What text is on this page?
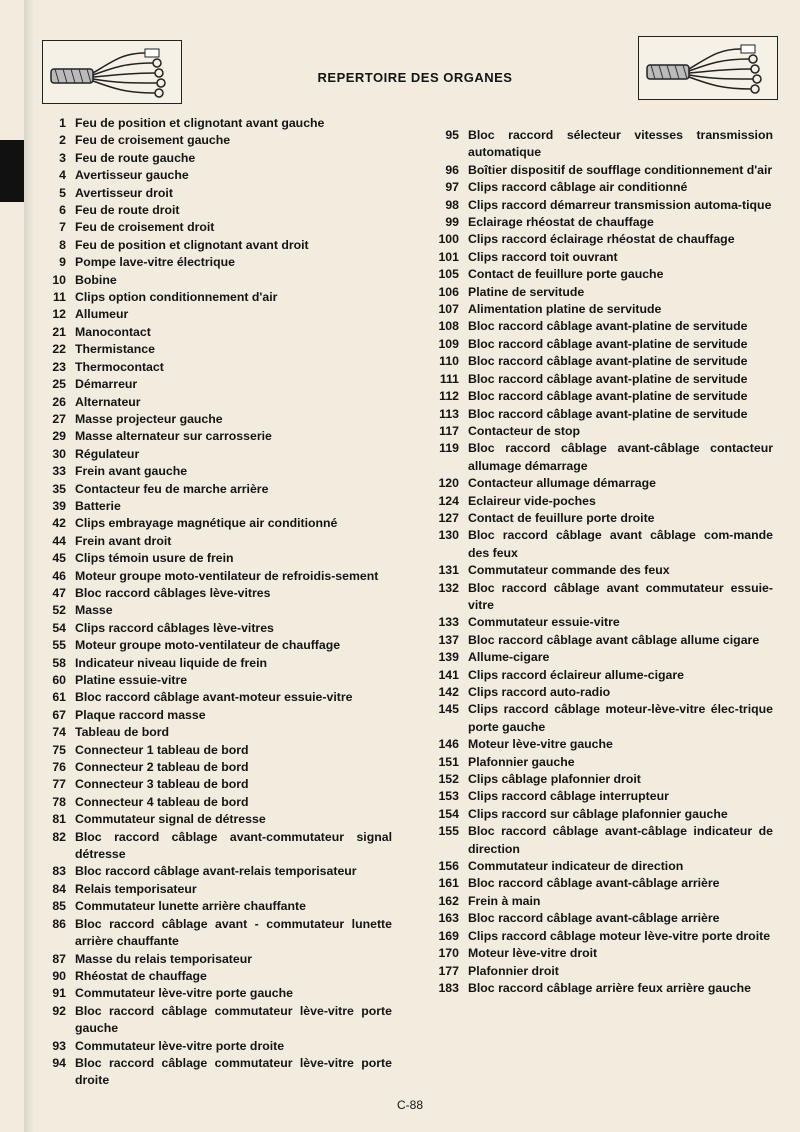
REPERTOIRE DES ORGANES
1 Feu de position et clignotant avant gauche
2 Feu de croisement gauche
3 Feu de route gauche
4 Avertisseur gauche
5 Avertisseur droit
6 Feu de route droit
7 Feu de croisement droit
8 Feu de position et clignotant avant droit
9 Pompe lave-vitre électrique
10 Bobine
11 Clips option conditionnement d'air
12 Allumeur
21 Manocontact
22 Thermistance
23 Thermocontact
25 Démarreur
26 Alternateur
27 Masse projecteur gauche
29 Masse alternateur sur carrosserie
30 Régulateur
33 Frein avant gauche
35 Contacteur feu de marche arrière
39 Batterie
42 Clips embrayage magnétique air conditionné
44 Frein avant droit
45 Clips témoin usure de frein
46 Moteur groupe moto-ventilateur de refroidis-sement
47 Bloc raccord câblages lève-vitres
52 Masse
54 Clips raccord câblages lève-vitres
55 Moteur groupe moto-ventilateur de chauffage
58 Indicateur niveau liquide de frein
60 Platine essuie-vitre
61 Bloc raccord câblage avant-moteur essuie-vitre
67 Plaque raccord masse
74 Tableau de bord
75 Connecteur 1 tableau de bord
76 Connecteur 2 tableau de bord
77 Connecteur 3 tableau de bord
78 Connecteur 4 tableau de bord
81 Commutateur signal de détresse
82 Bloc raccord câblage avant-commutateur signal détresse
83 Bloc raccord câblage avant-relais temporisateur
84 Relais temporisateur
85 Commutateur lunette arrière chauffante
86 Bloc raccord câblage avant - commutateur lunette arrière chauffante
87 Masse du relais temporisateur
90 Rhéostat de chauffage
91 Commutateur lève-vitre porte gauche
92 Bloc raccord câblage commutateur lève-vitre porte gauche
93 Commutateur lève-vitre porte droite
94 Bloc raccord câblage commutateur lève-vitre porte droite
95 Bloc raccord sélecteur vitesses transmission automatique
96 Boîtier dispositif de soufflage conditionnement d'air
97 Clips raccord câblage air conditionné
98 Clips raccord démarreur transmission automa-tique
99 Eclairage rhéostat de chauffage
100 Clips raccord éclairage rhéostat de chauffage
101 Clips raccord toit ouvrant
105 Contact de feuillure porte gauche
106 Platine de servitude
107 Alimentation platine de servitude
108 Bloc raccord câblage avant-platine de servitude
109 Bloc raccord câblage avant-platine de servitude
110 Bloc raccord câblage avant-platine de servitude
111 Bloc raccord câblage avant-platine de servitude
112 Bloc raccord câblage avant-platine de servitude
113 Bloc raccord câblage avant-platine de servitude
117 Contacteur de stop
119 Bloc raccord câblage avant-câblage contacteur allumage démarrage
120 Contacteur allumage démarrage
124 Eclaireur vide-poches
127 Contact de feuillure porte droite
130 Bloc raccord câblage avant câblage com-mande des feux
131 Commutateur commande des feux
132 Bloc raccord câblage avant commutateur essuie-vitre
133 Commutateur essuie-vitre
137 Bloc raccord câblage avant câblage allume cigare
139 Allume-cigare
141 Clips raccord éclaireur allume-cigare
142 Clips raccord auto-radio
145 Clips raccord câblage moteur-lève-vitre élec-trique porte gauche
146 Moteur lève-vitre gauche
151 Plafonnier gauche
152 Clips câblage plafonnier droit
153 Clips raccord câblage interrupteur
154 Clips raccord sur câblage plafonnier gauche
155 Bloc raccord câblage avant-câblage indicateur de direction
156 Commutateur indicateur de direction
161 Bloc raccord câblage avant-câblage arrière
162 Frein à main
163 Bloc raccord câblage avant-câblage arrière
169 Clips raccord câblage moteur lève-vitre porte droite
170 Moteur lève-vitre droit
177 Plafonnier droit
183 Bloc raccord câblage arrière feux arrière gauche
C-88
